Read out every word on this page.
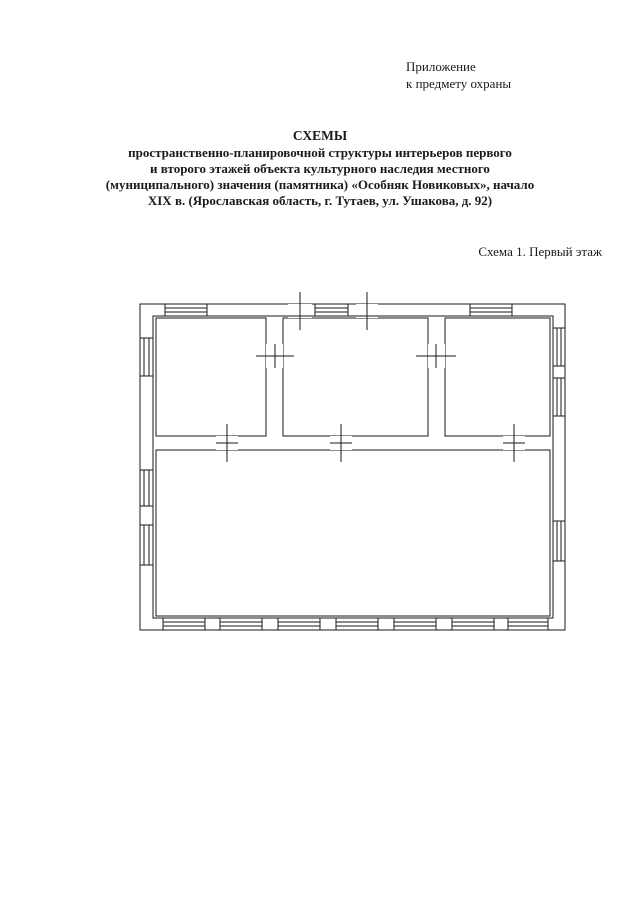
Приложение
к предмету охраны
СХЕМЫ
пространственно-планировочной структуры интерьеров первого
и второго этажей объекта культурного наследия местного
(муниципального) значения (памятника) «Особняк Новиковых», начало
XIX в. (Ярославская область, г. Тутаев, ул. Ушакова, д. 92)
Схема 1. Первый этаж
